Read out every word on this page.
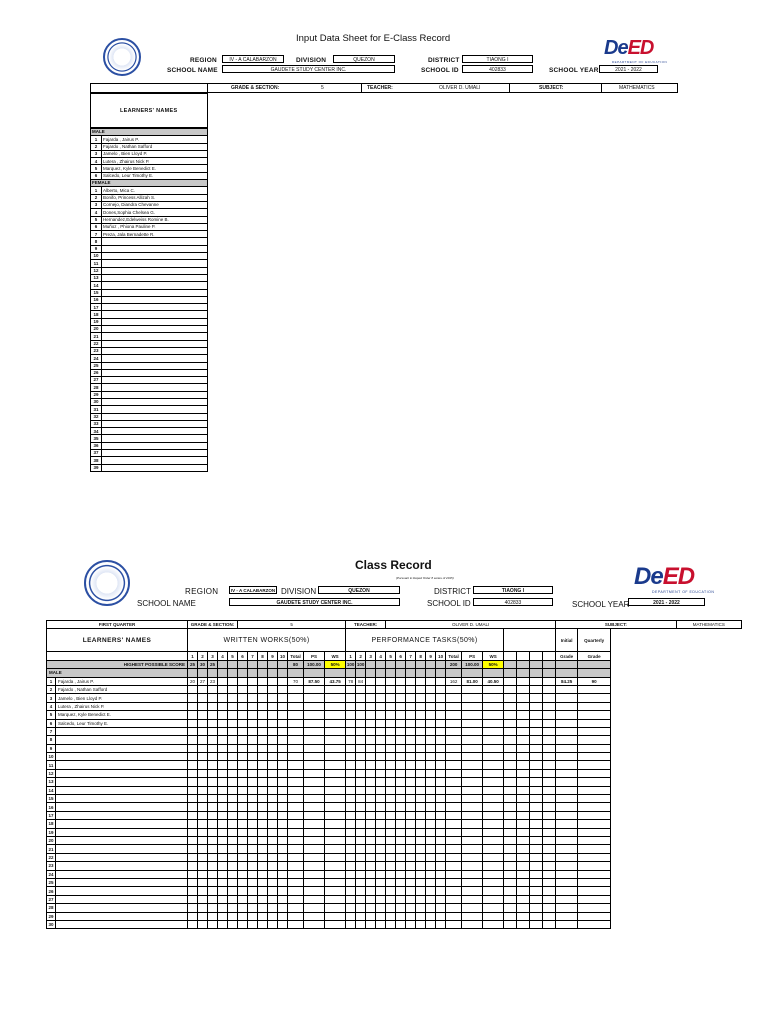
Input Data Sheet for E-Class Record	DeED
DEPARTMENT OF EDUCATION
REGION	IV - A CALABARZON	DIVISION	QUEZON	DISTRICT	TIAONG I
SCHOOL NAME	GAUDETE STUDY CENTER INC.	SCHOOL ID	402833	SCHOOL YEAR	2021 - 2022
GRADE & SECTION:	5	TEACHER:	OLIVER D. UMALI	SUBJECT:	MATHEMATICS
LEARNERS' NAMES
MALE	
1	Fajarda , Jairus P.
2	Fajardo , Nathan Safford
3	Jamelo , Bien Lloyd P.
4	Lutera , Zhairus Nick P.
5	Marquez, Kyle Benedict E.
6	Salcedo, Leur Timothy E.
FEMALE	
1	Alberto, Mica C.
2	Bonifo, Princess Allizah S.
3	Cornejo, Diandra Chevanne
4	Dones,Sophia Chelsea G.
5	Hernandez,Edelweiss Romine B.
6	Muñoz , Phiona Pauline P.
7	Preza, Jala Bernadette R.
8	
9	
10	
11	
12	
13	
14	
15	
16	
17	
18	
19	
20	
21	
22	
23	
24	
25	
26	
27	
28	
29	
30	
31	
32	
33	
34	
35	
36	
37	
38	
39	
Class Record
(Pursuant to Deped Order 8 series of 2015)	DeED
DEPARTMENT OF EDUCATION
REGION	IV - A CALABARZON DIVISION	QUEZON	DISTRICT	TIAONG I
SCHOOL NAME	GAUDETE STUDY CENTER INC.	SCHOOL ID	402833	SCHOOL YEAR	2021 - 2022
FIRST QUARTER		GRADE & SECTION:					5								TEACHER:				OLIVER D. UMALI													SUBJECT:		MATHEMATICS
LEARNERS' NAMES		WRITTEN WORKS(50%)													PERFORMANCE TASKS(50%)																	Initial	Quarterly	
		1	2	3	4	5	6	7	8	9	10	Total	PS	WS	1	2	3	4	5	6	7	8	9	10	Total	PS	WS					Grade	Grade	
HIGHEST POSSIBLE SCORE		25	30	25								80	100.00	50%	100	100									200	100.00	50%							
MALE																																		
1	Fajarda , Jairus P.	20	27	23								70	87.50	43.75	78	84									162	81.00	40.50					84.25	90	
2	Fajardo , Nathan Safford																																	
3	Jamelo , Bien Lloyd P.																																	
4	Lutera , Zhairus Nick P.																																	
5	Marquez, Kyle Benedict E.																																	
6	Salcedo, Leur Timothy E.																																	
7																																		
8																																		
9																																		
10																																		
11																																		
12																																		
13																																		
14																																		
15																																		
16																																		
17																																		
18																																		
19																																		
20																																		
21																																		
22																																		
23																																		
24																																		
25																																		
26																																		
27																																		
28																																		
29																																		
30																																		
